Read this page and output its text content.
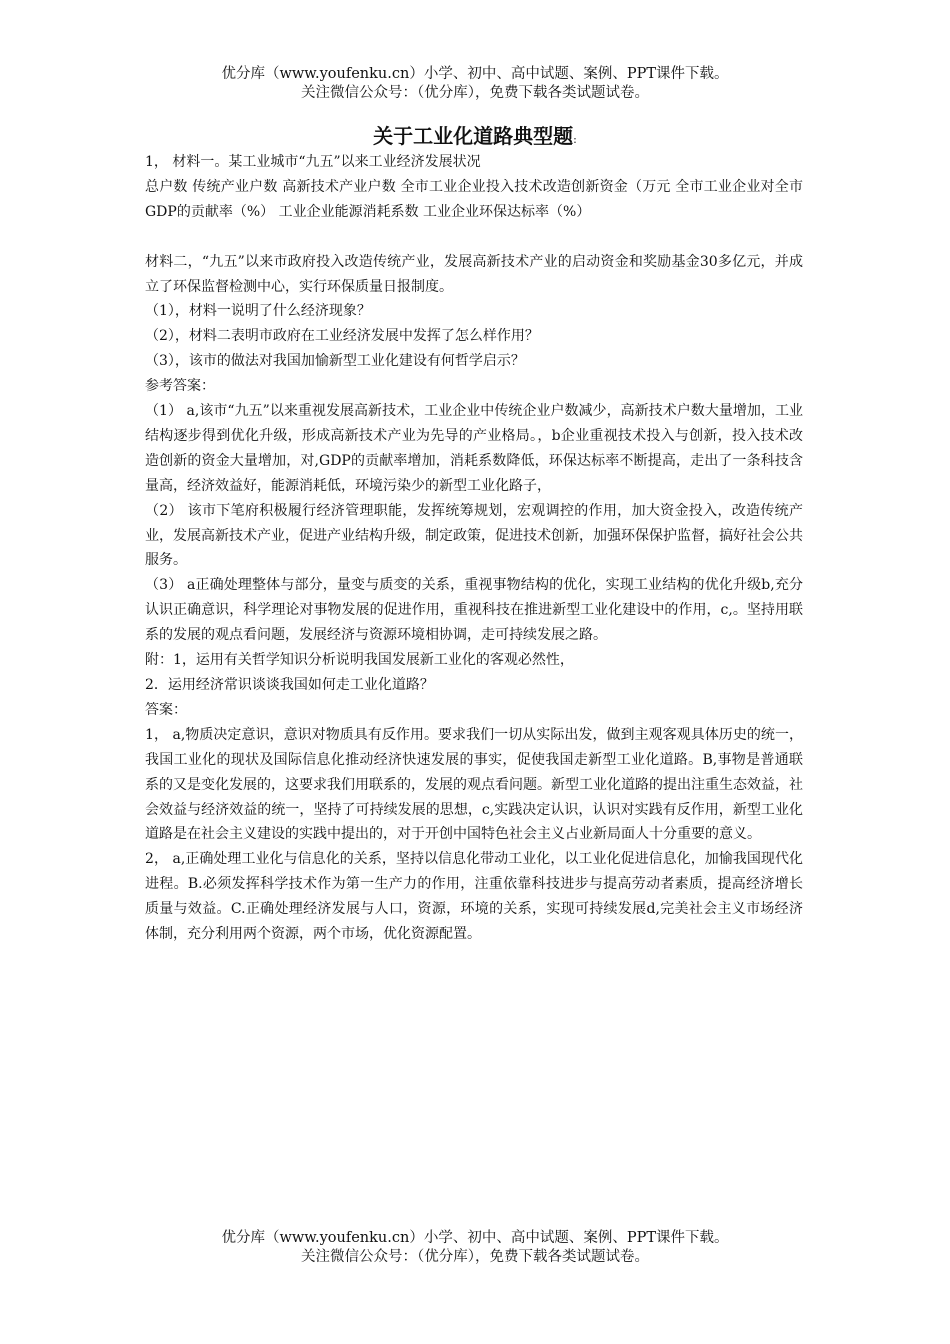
优分库（www.youfenku.cn）小学、初中、高中试题、案例、PPT课件下载。
关注微信公众号：（优分库），免费下载各类试题试卷。
关于工业化道路典型题:

1， 材料一。某工业城市“九五”以来工业经济发展状况

总户数 传统产业户数 高新技术产业户数 全市工业企业投入技术改造创新资金（万元 全市工业企业对全市GDP的贡献率（%） 工业企业能源消耗系数 工业企业环保达标率（%）

材料二，“九五”以来市政府投入改造传统产业，发展高新技术产业的启动资金和奖励基金30多亿元，并成立了环保监督检测中心，实行环保质量日报制度。

（1），材料一说明了什么经济现象？

（2），材料二表明市政府在工业经济发展中发挥了怎么样作用？

（3），该市的做法对我国加愉新型工业化建设有何哲学启示？

参考答案：

（1） a,该市“九五”以来重视发展高新技术，工业企业中传统企业户数减少，高新技术户数大量增加，工业结构逐步得到优化升级，形成高新技术产业为先导的产业格局。，b企业重视技术投入与创新，投入技术改造创新的资金大量增加，对,GDP的贡献率增加，消耗系数降低，环保达标率不断提高，走出了一条科技含量高，经济效益好，能源消耗低，环境污染少的新型工业化路子，

（2） 该市下笔府积极履行经济管理职能，发挥统筹规划，宏观调控的作用，加大资金投入，改造传统产业，发展高新技术产业，促进产业结构升级，制定政策，促进技术创新，加强环保保护监督，搞好社会公共服务。

（3） a正确处理整体与部分，量变与质变的关系，重视事物结构的优化，实现工业结构的优化升级b,充分认识正确意识，科学理论对事物发展的促进作用，重视科技在推进新型工业化建设中的作用，c,。坚持用联系的发展的观点看问题，发展经济与资源环境相协调，走可持续发展之路。

附：1，运用有关哲学知识分析说明我国发展新工业化的客观必然性，

2．运用经济常识谈谈我国如何走工业化道路？

答案：

1， a,物质决定意识，意识对物质具有反作用。要求我们一切从实际出发，做到主观客观具体历史的统一，我国工业化的现状及国际信息化推动经济快速发展的事实，促使我国走新型工业化道路。B,事物是普通联系的又是变化发展的，这要求我们用联系的，发展的观点看问题。新型工业化道路的提出注重生态效益，社会效益与经济效益的统一，坚持了可持续发展的思想，c,实践决定认识，认识对实践有反作用，新型工业化道路是在社会主义建设的实践中提出的，对于开创中国特色社会主义占业新局面人十分重要的意义。

2， a,正确处理工业化与信息化的关系，坚持以信息化带动工业化，以工业化促进信息化，加愉我国现代化进程。B.必须发挥科学技术作为第一生产力的作用，注重依靠科技进步与提高劳动者素质，提高经济增长质量与效益。C.正确处理经济发展与人口，资源，环境的关系，实现可持续发展d,完美社会主义市场经济体制，充分利用两个资源，两个市场，优化资源配置。

优分库（www.youfenku.cn）小学、初中、高中试题、案例、PPT课件下载。
关注微信公众号：（优分库），免费下载各类试题试卷。
